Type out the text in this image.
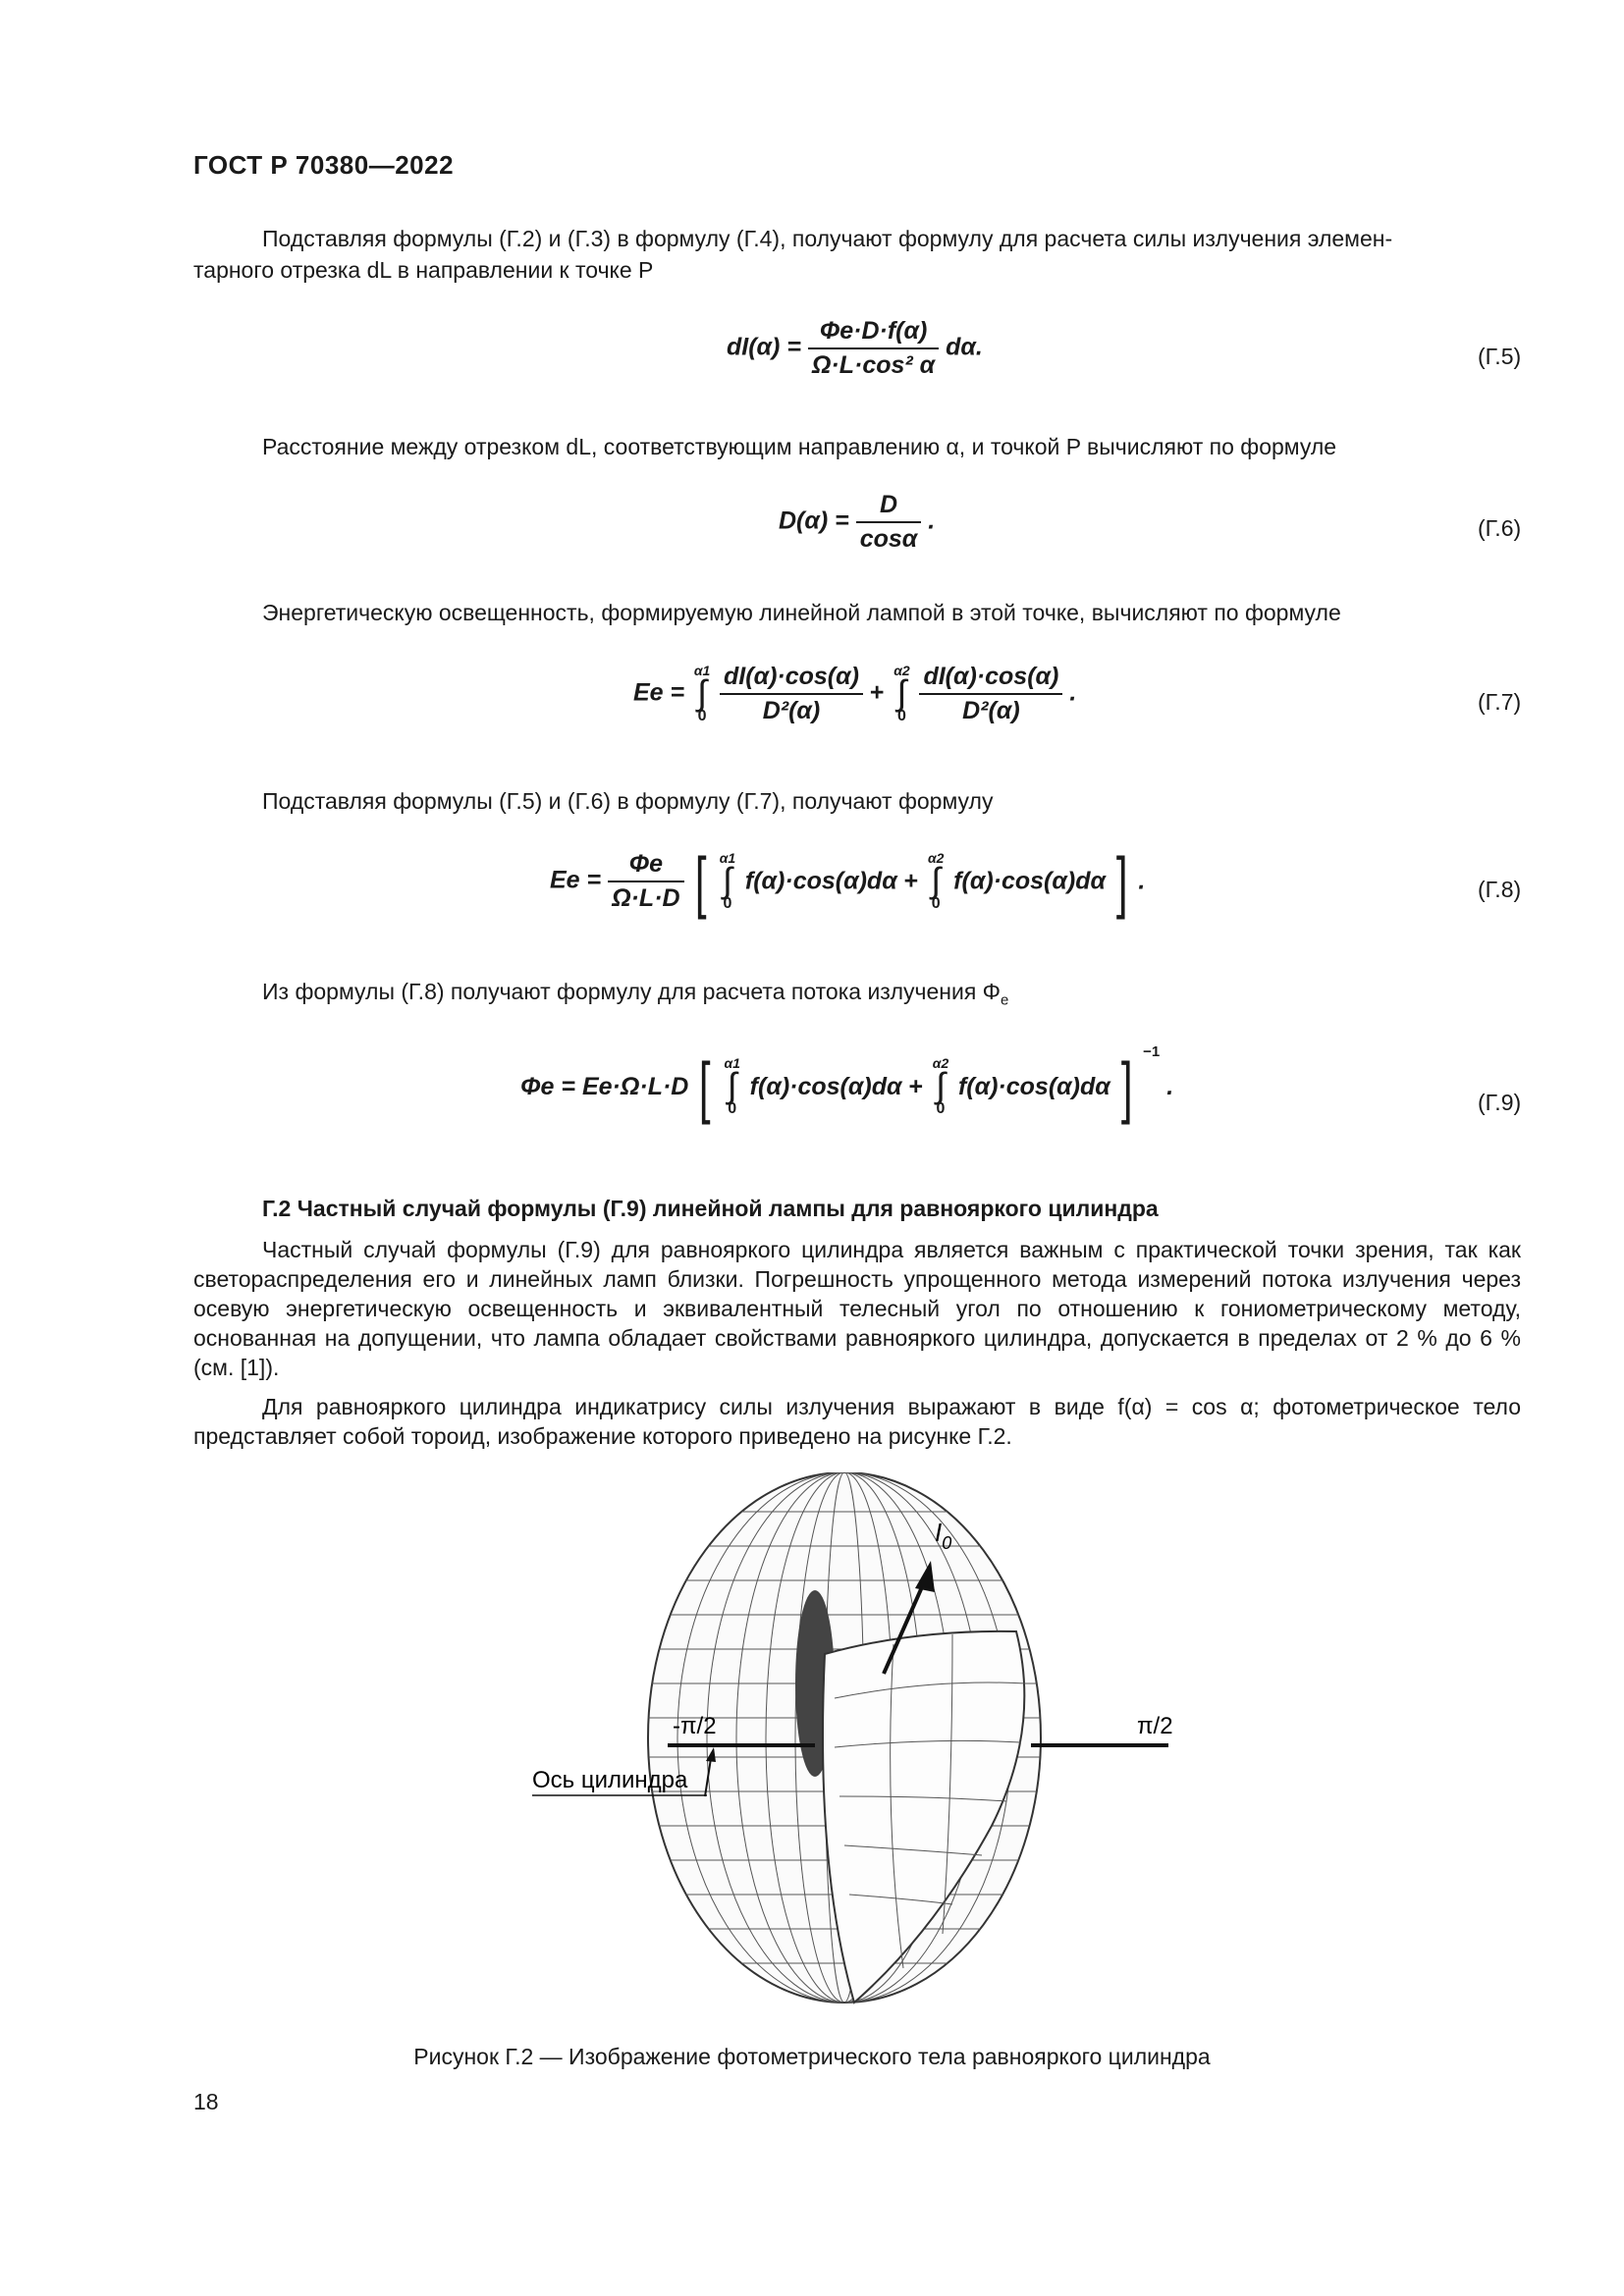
ГОСТ Р 70380—2022
Подставляя формулы (Г.2) и (Г.3) в формулу (Г.4), получают формулу для расчета силы излучения элемен-
тарного отрезка dL в направлении к точке P
$dI(\alpha) = \frac{\Phi e\cdot D\cdot f(\alpha)}{\text{Ω·L·cos² α}} d\alpha$.	(Г.5)
Расстояние между отрезком dL, соответствующим направлению α, и точкой P вычисляют по формуле
$D(\alpha) = \frac{D}{\cos\alpha}$ .	(Г.6)
Энергетическую освещенность, формируемую линейной лампой в этой точке, вычисляют по формуле
Ee =
α1
∫
0
$\frac{dI(\alpha)\cdot\cos(\alpha)}{\text{D²(α)}}$ +
α2
∫
0
$\frac{dI(\alpha)\cdot\cos(\alpha)}{\text{D²(α)}}$ .	(Г.7)
Подставляя формулы (Г.5) и (Г.6) в формулу (Г.7), получают формулу
$Ee = \frac{\Phi e}{\Omega\cdot L\cdot D}$ [ α1
∫
0
f(α)·cos(α)dα +
α2
∫
0
f(α)·cos(α)dα ] .	(Г.8)
Из формулы (Г.8) получают формулу для расчета потока излучения $\Phi_e$
Φe = Ee·Ω·L·D [ α1
∫
0
f(α)·cos(α)dα +
α2
∫
0
f(α)·cos(α)dα ] $^{-1}$ .
(Г.9)
Г.2 Частный случай формулы (Г.9) линейной лампы для равнояркого цилиндра
Частный случай формулы (Г.9) для равнояркого цилиндра является важным с практической точки зрения, так как светораспределения его и линейных ламп близки. Погрешность упрощенного метода измерений потока излучения через осевую энергетическую освещенность и эквивалентный телесный угол по отношению к гониометрическому методу, основанная на допущении, что лампа обладает свойствами равнояркого цилиндра, допускается в пределах от 2 % до 6 % (см. [1]).
Для равнояркого цилиндра индикатрису силы излучения выражают в виде f(α) = cos α; фотометрическое тело представляет собой тороид, изображение которого приведено на рисунке Г.2.
$I_0$
-π/2	π/2
Ось цилиндра
Рисунок Г.2 — Изображение фотометрического тела равнояркого цилиндра
18
